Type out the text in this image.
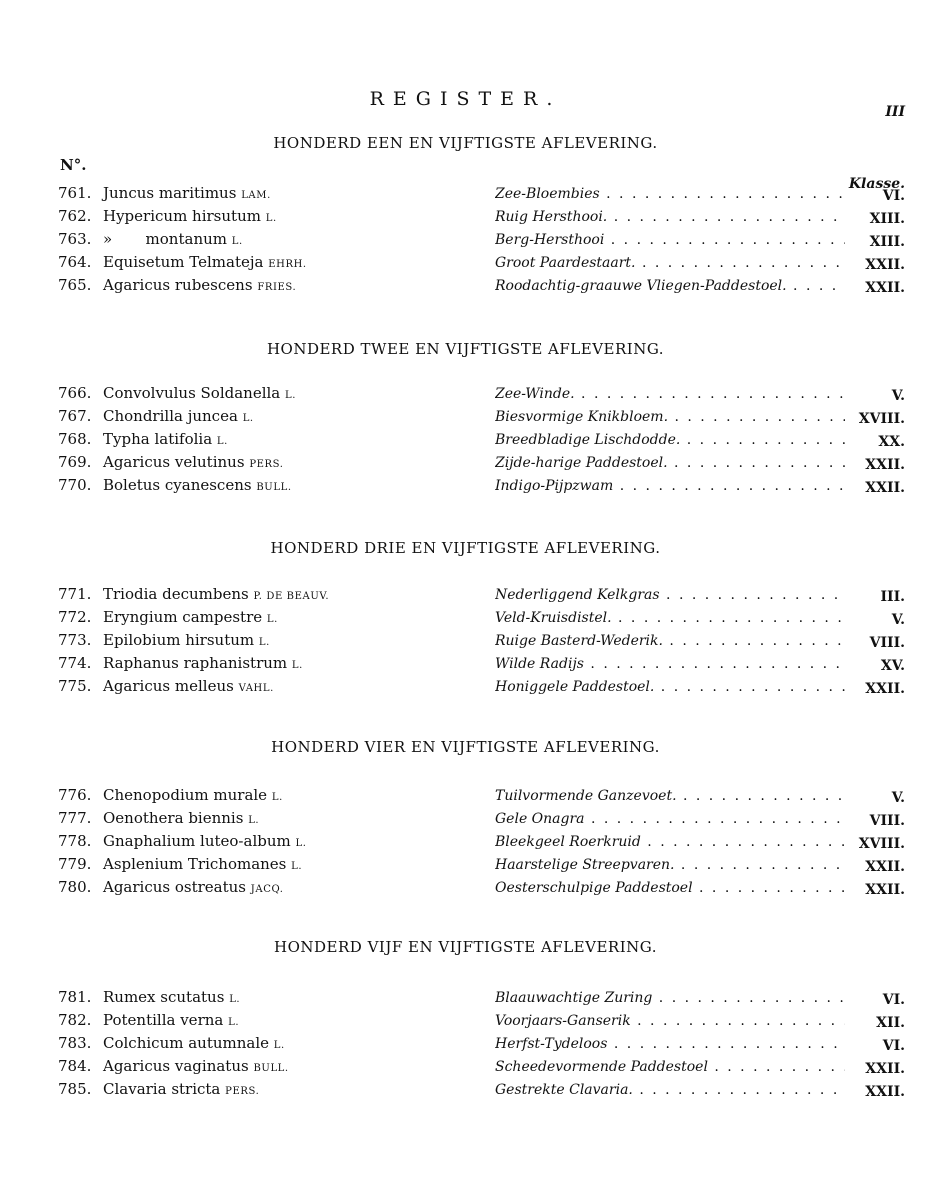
REGISTER.
III
HONDERD EEN EN VIJFTIGSTE AFLEVERING.
N°.
Klasse.
761. Juncus maritimus LAM.	Zee-Bloembies . . .	VI.
762. Hypericum hirsutum L.	Ruig Hersthooi. . . .	XIII.
763. »       montanum L.	Berg-Hersthooi . . .	XIII.
764. Equisetum Telmateja EHRH.	Groot Paardestaart. . . .	XXII.
765. Agaricus rubescens FRIES.	Roodachtig-graauwe Vliegen-Paddestoel. . . .	XXII.
HONDERD TWEE EN VIJFTIGSTE AFLEVERING.
766. Convolvulus Soldanella L.	Zee-Winde. . . .	V.
767. Chondrilla juncea L.	Biesvormige Knikbloem. . . .	XVIII.
768. Typha latifolia L.	Breedbladige Lischdodde. . . .	XX.
769. Agaricus velutinus PERS.	Zijde-harige Paddestoel. . . .	XXII.
770. Boletus cyanescens BULL.	Indigo-Pijpzwam . . .	XXII.
HONDERD DRIE EN VIJFTIGSTE AFLEVERING.
771. Triodia decumbens P. DE BEAUV.	Nederliggend Kelkgras . . .	III.
772. Eryngium campestre L.	Veld-Kruisdistel. . . .	V.
773. Epilobium hirsutum L.	Ruige Basterd-Wederik. . . .	VIII.
774. Raphanus raphanistrum L.	Wilde Radijs . . .	XV.
775. Agaricus melleus VAHL.	Honiggele Paddestoel. . . .	XXII.
HONDERD VIER EN VIJFTIGSTE AFLEVERING.
776. Chenopodium murale L.	Tuilvormende Ganzevoet. . . .	V.
777. Oenothera biennis L.	Gele Onagra . . .	VIII.
778. Gnaphalium luteo-album L.	Bleekgeel Roerkruid . . .	XVIII.
779. Asplenium Trichomanes L.	Haarstelige Streepvaren. . . .	XXII.
780. Agaricus ostreatus JACQ.	Oesterschulpige Paddestoel . . .	XXII.
HONDERD VIJF EN VIJFTIGSTE AFLEVERING.
781. Rumex scutatus L.	Blaauwachtige Zuring . . .	VI.
782. Potentilla verna L.	Voorjaars-Ganserik . . .	XII.
783. Colchicum autumnale L.	Herfst-Tydeloos . . .	VI.
784. Agaricus vaginatus BULL.	Scheedevormende Paddestoel . . .	XXII.
785. Clavaria stricta PERS.	Gestrekte Clavaria. . . .	XXII.
